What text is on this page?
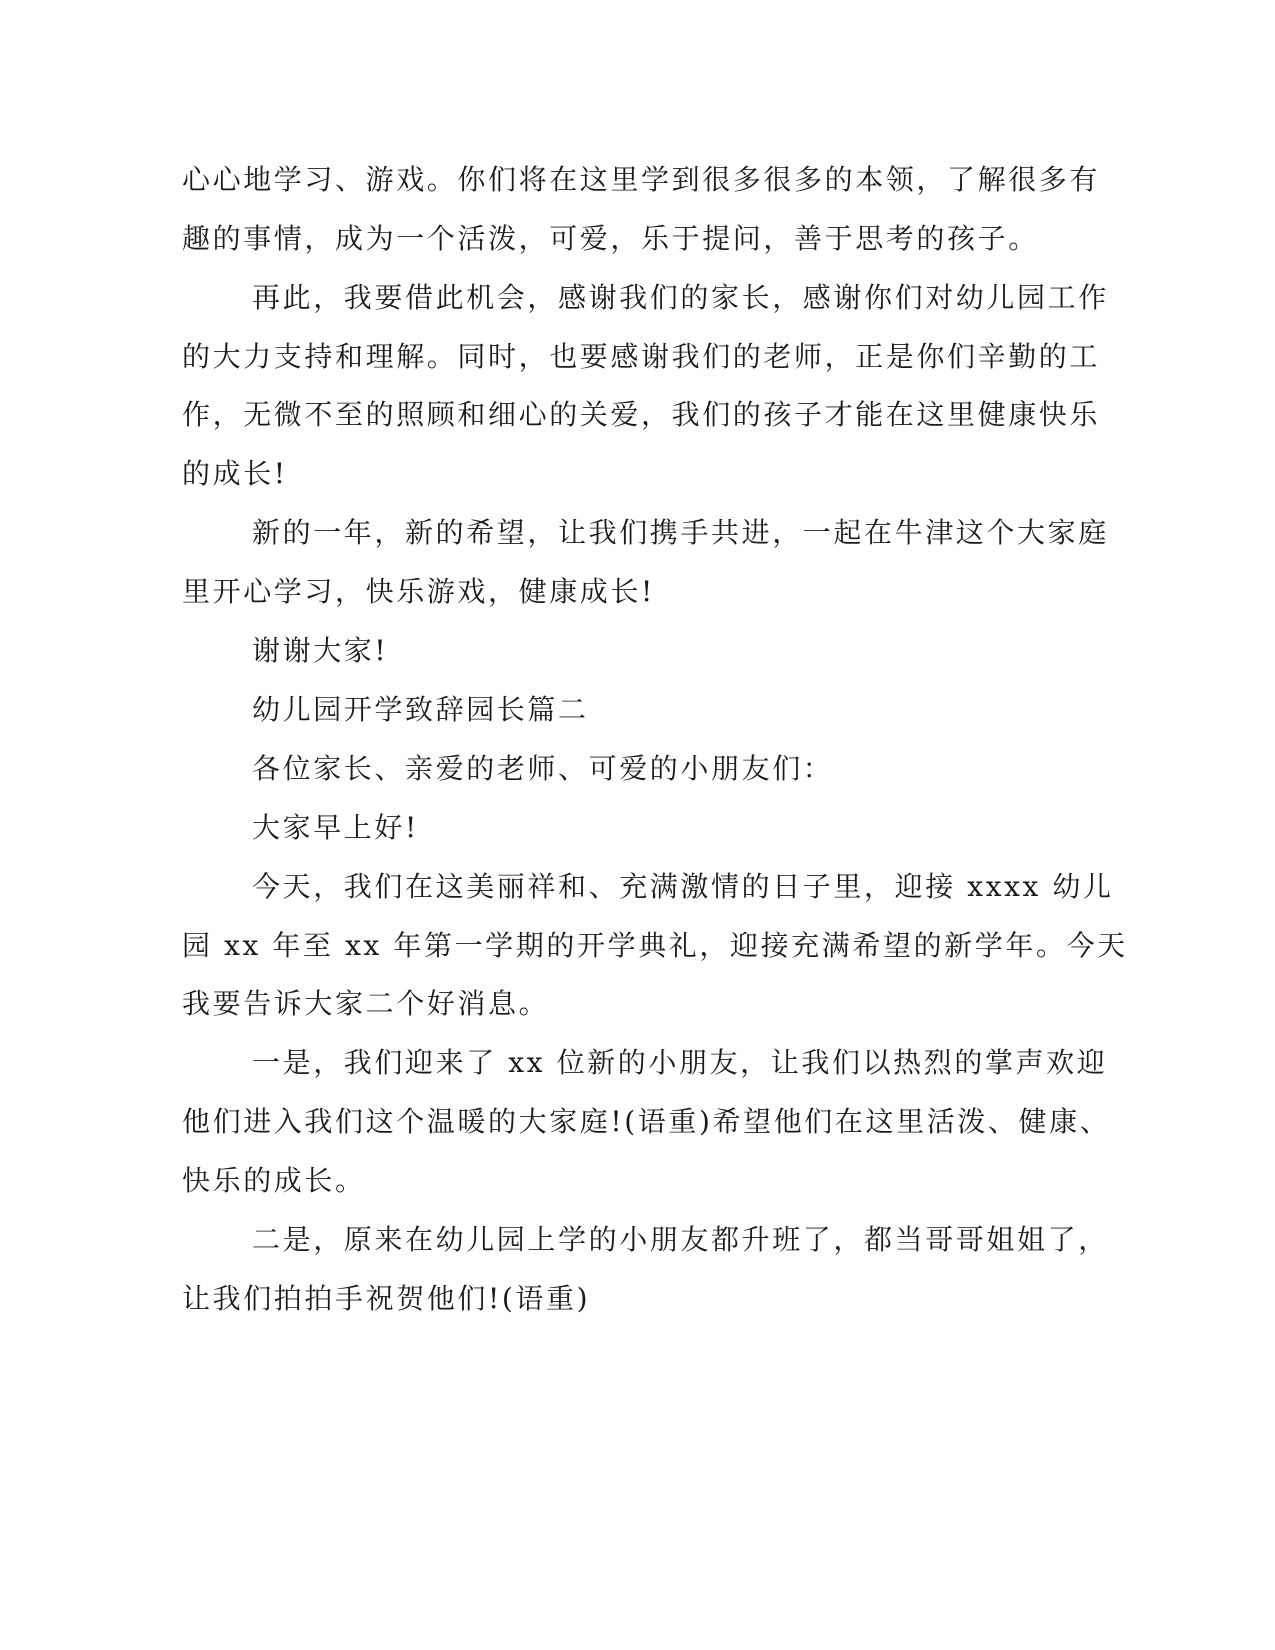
心心地学习、游戏。你们将在这里学到很多很多的本领，了解很多有
趣的事情，成为一个活泼，可爱，乐于提问，善于思考的孩子。
再此，我要借此机会，感谢我们的家长，感谢你们对幼儿园工作
的大力支持和理解。同时，也要感谢我们的老师，正是你们辛勤的工
作，无微不至的照顾和细心的关爱，我们的孩子才能在这里健康快乐
的成长!
新的一年，新的希望，让我们携手共进，一起在牛津这个大家庭
里开心学习，快乐游戏，健康成长!
谢谢大家!
幼儿园开学致辞园长篇二
各位家长、亲爱的老师、可爱的小朋友们：
大家早上好!
今天，我们在这美丽祥和、充满激情的日子里，迎接 xxxx 幼儿
园 xx 年至 xx 年第一学期的开学典礼，迎接充满希望的新学年。今天
我要告诉大家二个好消息。
一是，我们迎来了 xx 位新的小朋友，让我们以热烈的掌声欢迎
他们进入我们这个温暖的大家庭!(语重)希望他们在这里活泼、健康、
快乐的成长。
二是，原来在幼儿园上学的小朋友都升班了，都当哥哥姐姐了，
让我们拍拍手祝贺他们!(语重)
